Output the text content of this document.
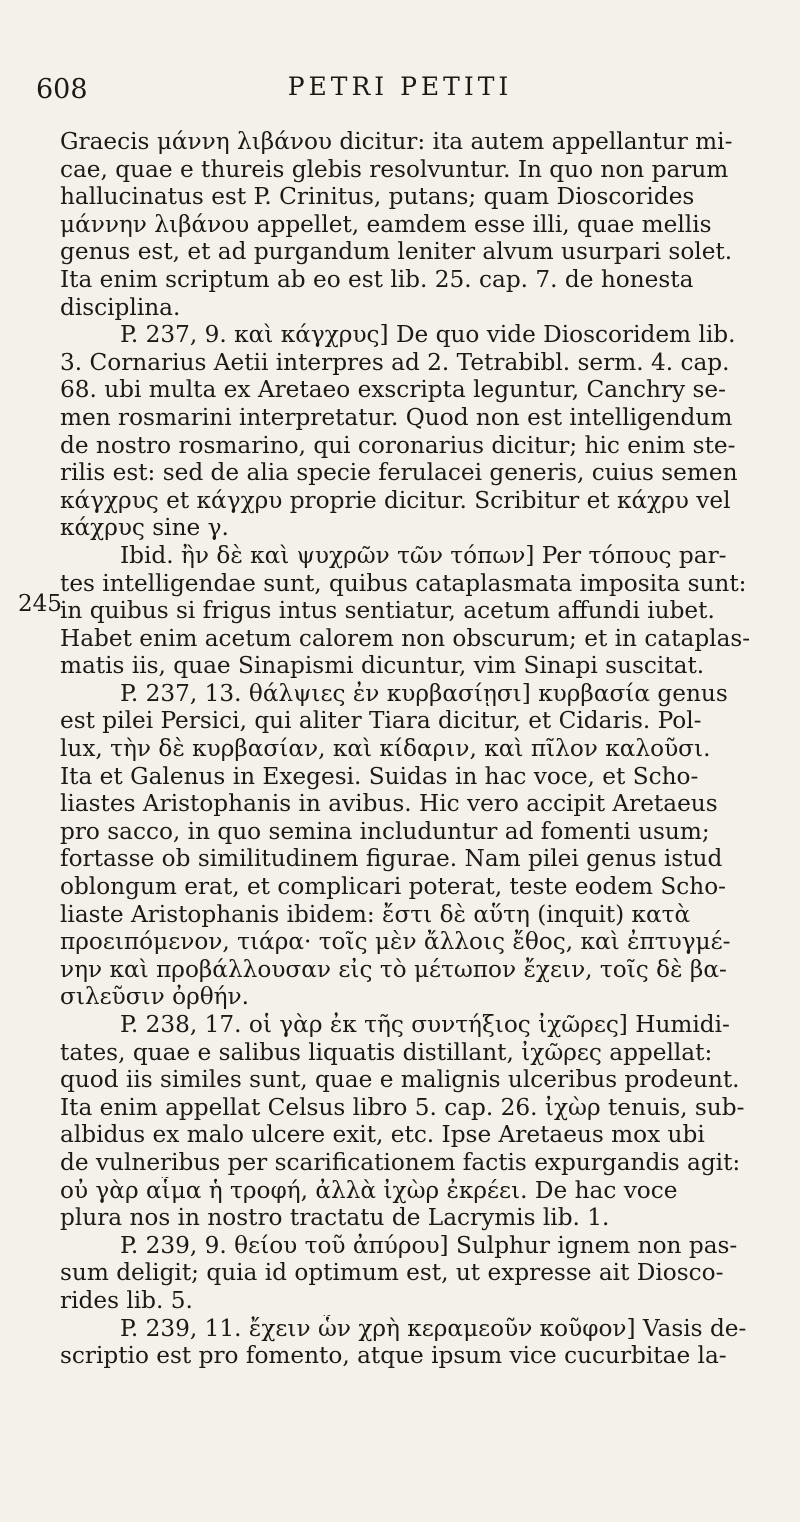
608	PETRI PETITI
245
Graecis μάννη λιβάνου dicitur: ita autem appellantur mi-
cae, quae e thureis glebis resolvuntur. In quo non parum
hallucinatus est P. Crinitus, putans; quam Dioscorides
μάννην λιβάνου appellet, eamdem esse illi, quae mellis
genus est, et ad purgandum leniter alvum usurpari solet.
Ita enim scriptum ab eo est lib. 25. cap. 7. de honesta
disciplina.
P. 237, 9. καὶ κάγχρυς] De quo vide Dioscoridem lib.
3. Cornarius Aetii interpres ad 2. Tetrabibl. serm. 4. cap.
68. ubi multa ex Aretaeo exscripta leguntur, Canchry se-
men rosmarini interpretatur. Quod non est intelligendum
de nostro rosmarino, qui coronarius dicitur; hic enim ste-
rilis est: sed de alia specie ferulacei generis, cuius semen
κάγχρυς et κάγχρυ proprie dicitur. Scribitur et κάχρυ vel
κάχρυς sine γ.
Ibid. ἢν δὲ καὶ ψυχρῶν τῶν τόπων] Per τόπους par-
tes intelligendae sunt, quibus cataplasmata imposita sunt:
in quibus si frigus intus sentiatur, acetum affundi iubet.
Habet enim acetum calorem non obscurum; et in cataplas-
matis iis, quae Sinapismi dicuntur, vim Sinapi suscitat.
P. 237, 13. θάλψιες ἐν κυρβασίῃσι] κυρβασία genus
est pilei Persici, qui aliter Tiara dicitur, et Cidaris. Pol-
lux, τὴν δὲ κυρβασίαν, καὶ κίδαριν, καὶ πῖλον καλοῦσι.
Ita et Galenus in Exegesi. Suidas in hac voce, et Scho-
liastes Aristophanis in avibus. Hic vero accipit Aretaeus
pro sacco, in quo semina includuntur ad fomenti usum;
fortasse ob similitudinem figurae. Nam pilei genus istud
oblongum erat, et complicari poterat, teste eodem Scho-
liaste Aristophanis ibidem: ἔστι δὲ αὕτη (inquit) κατὰ
προειπόμενον, τιάρα· τοῖς μὲν ἄλλοις ἔθος, καὶ ἐπτυγμέ-
νην καὶ προβάλλουσαν εἰς τὸ μέτωπον ἔχειν, τοῖς δὲ βα-
σιλεῦσιν ὀρθήν.
P. 238, 17. οἱ γὰρ ἐκ τῆς συντήξιος ἰχῶρες] Humidi-
tates, quae e salibus liquatis distillant, ἰχῶρες appellat:
quod iis similes sunt, quae e malignis ulceribus prodeunt.
Ita enim appellat Celsus libro 5. cap. 26. ἰχὼρ tenuis, sub-
albidus ex malo ulcere exit, etc. Ipse Aretaeus mox ubi
de vulneribus per scarificationem factis expurgandis agit:
οὐ γὰρ αἷμα ἡ τροφή, ἀλλὰ ἰχὼρ ἐκρέει. De hac voce
plura nos in nostro tractatu de Lacrymis lib. 1.
P. 239, 9. θείου τοῦ ἀπύρου] Sulphur ignem non pas-
sum deligit; quia id optimum est, ut expresse ait Diosco-
rides lib. 5.
P. 239, 11. ἔχειν ὧν χρὴ κεραμεοῦν κοῦφον] Vasis de-
scriptio est pro fomento, atque ipsum vice cucurbitae la-
